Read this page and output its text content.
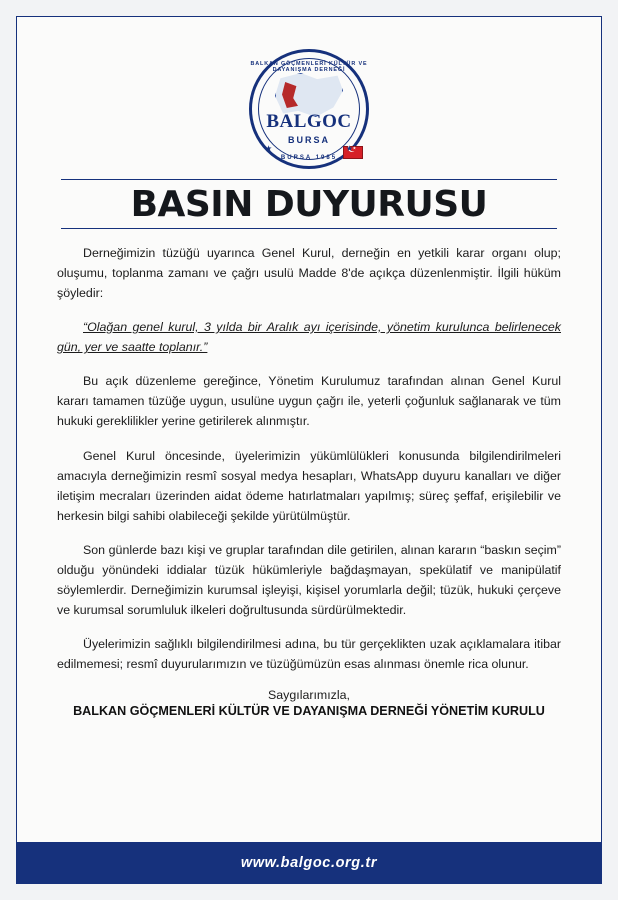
BALKAN GÖÇMENLERİ KÜLTÜR VE DAYANIŞMA DERNEĞİ
☪
BALGOC
BURSA
★	★
BURSA 1985
BASIN DUYURUSU

Derneğimizin tüzüğü uyarınca Genel Kurul, derneğin en yetkili karar organı olup; oluşumu, toplanma zamanı ve çağrı usulü Madde 8'de açıkça düzenlenmiştir. İlgili hüküm şöyledir:

“Olağan genel kurul, 3 yılda bir Aralık ayı içerisinde, yönetim kurulunca belirlenecek gün, yer ve saatte toplanır.”

Bu açık düzenleme gereğince, Yönetim Kurulumuz tarafından alınan Genel Kurul kararı tamamen tüzüğe uygun, usulüne uygun çağrı ile, yeterli çoğunluk sağlanarak ve tüm hukuki gereklilikler yerine getirilerek alınmıştır.

Genel Kurul öncesinde, üyelerimizin yükümlülükleri konusunda bilgilendirilmeleri amacıyla derneğimizin resmî sosyal medya hesapları, WhatsApp duyuru kanalları ve diğer iletişim mecraları üzerinden aidat ödeme hatırlatmaları yapılmış; süreç şeffaf, erişilebilir ve herkesin bilgi sahibi olabileceği şekilde yürütülmüştür.

Son günlerde bazı kişi ve gruplar tarafından dile getirilen, alınan kararın “baskın seçim” olduğu yönündeki iddialar tüzük hükümleriyle bağdaşmayan, spekülatif ve manipülatif söylemlerdir. Derneğimizin kurumsal işleyişi, kişisel yorumlarla değil; tüzük, hukuki çerçeve ve kurumsal sorumluluk ilkeleri doğrultusunda sürdürülmektedir.

Üyelerimizin sağlıklı bilgilendirilmesi adına, bu tür gerçeklikten uzak açıklamalara itibar edilmemesi; resmî duyurularımızın ve tüzüğümüzün esas alınması önemle rica olunur.

Saygılarımızla,
BALKAN GÖÇMENLERİ KÜLTÜR VE DAYANIŞMA DERNEĞİ YÖNETİM KURULU
www.balgoc.org.tr
